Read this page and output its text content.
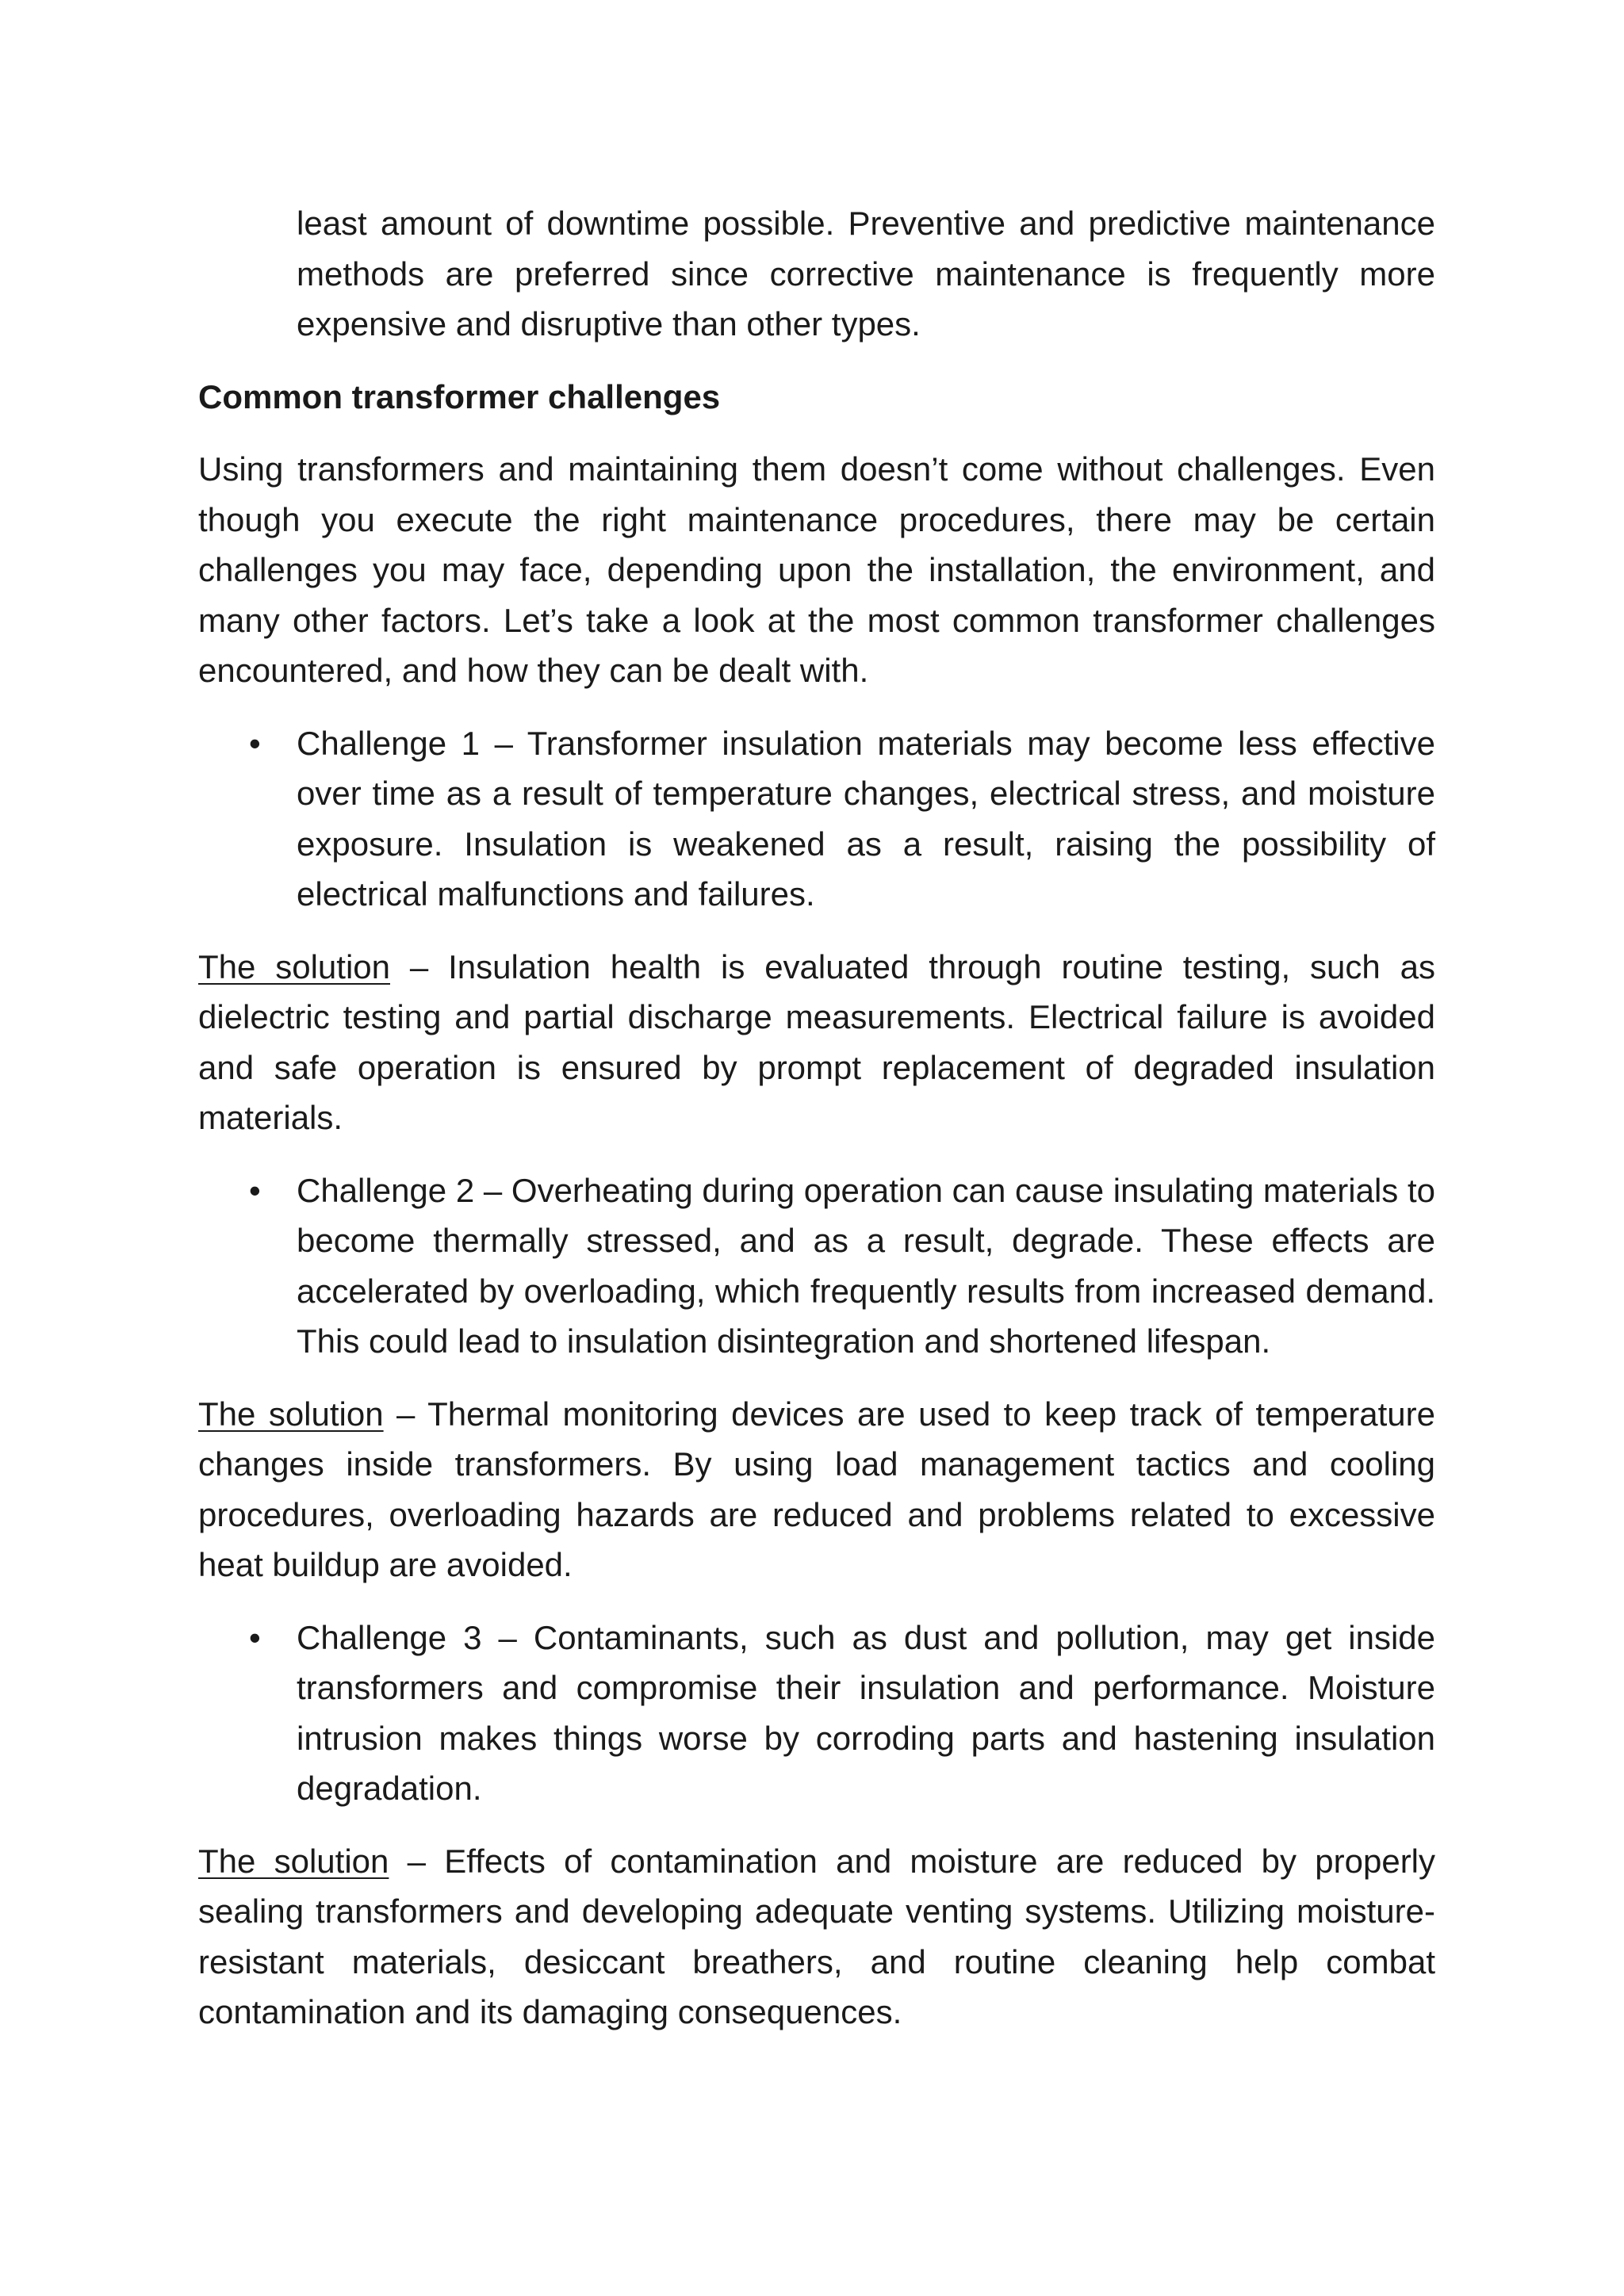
least amount of downtime possible. Preventive and predictive maintenance methods are preferred since corrective maintenance is frequently more expensive and disruptive than other types.

Common transformer challenges

Using transformers and maintaining them doesn’t come without challenges. Even though you execute the right maintenance procedures, there may be certain challenges you may face, depending upon the installation, the environment, and many other factors. Let’s take a look at the most common transformer challenges encountered, and how they can be dealt with.

•	Challenge 1 – Transformer insulation materials may become less effective over time as a result of temperature changes, electrical stress, and moisture exposure. Insulation is weakened as a result, raising the possibility of electrical malfunctions and failures.

The solution – Insulation health is evaluated through routine testing, such as dielectric testing and partial discharge measurements. Electrical failure is avoided and safe operation is ensured by prompt replacement of degraded insulation materials.

•	Challenge 2 – Overheating during operation can cause insulating materials to become thermally stressed, and as a result, degrade. These effects are accelerated by overloading, which frequently results from increased demand. This could lead to insulation disintegration and shortened lifespan.

The solution – Thermal monitoring devices are used to keep track of temperature changes inside transformers. By using load management tactics and cooling procedures, overloading hazards are reduced and problems related to excessive heat buildup are avoided.

•	Challenge 3 – Contaminants, such as dust and pollution, may get inside transformers and compromise their insulation and performance. Moisture intrusion makes things worse by corroding parts and hastening insulation degradation.

The solution – Effects of contamination and moisture are reduced by properly sealing transformers and developing adequate venting systems. Utilizing moisture-resistant materials, desiccant breathers, and routine cleaning help combat contamination and its damaging consequences.
